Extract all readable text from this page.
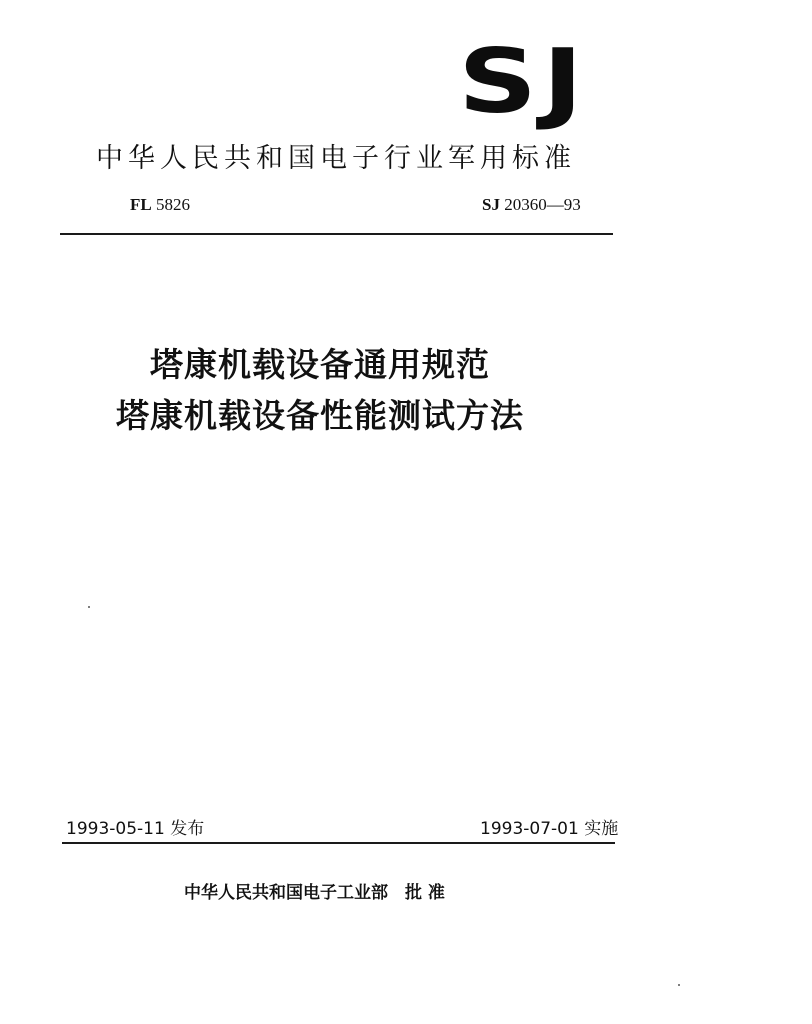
SJ
中华人民共和国电子行业军用标准
FL 5826	SJ 20360—93
塔康机载设备通用规范
塔康机载设备性能测试方法
1993-05-11 发布	1993-07-01 实施
中华人民共和国电子工业部　批 准
